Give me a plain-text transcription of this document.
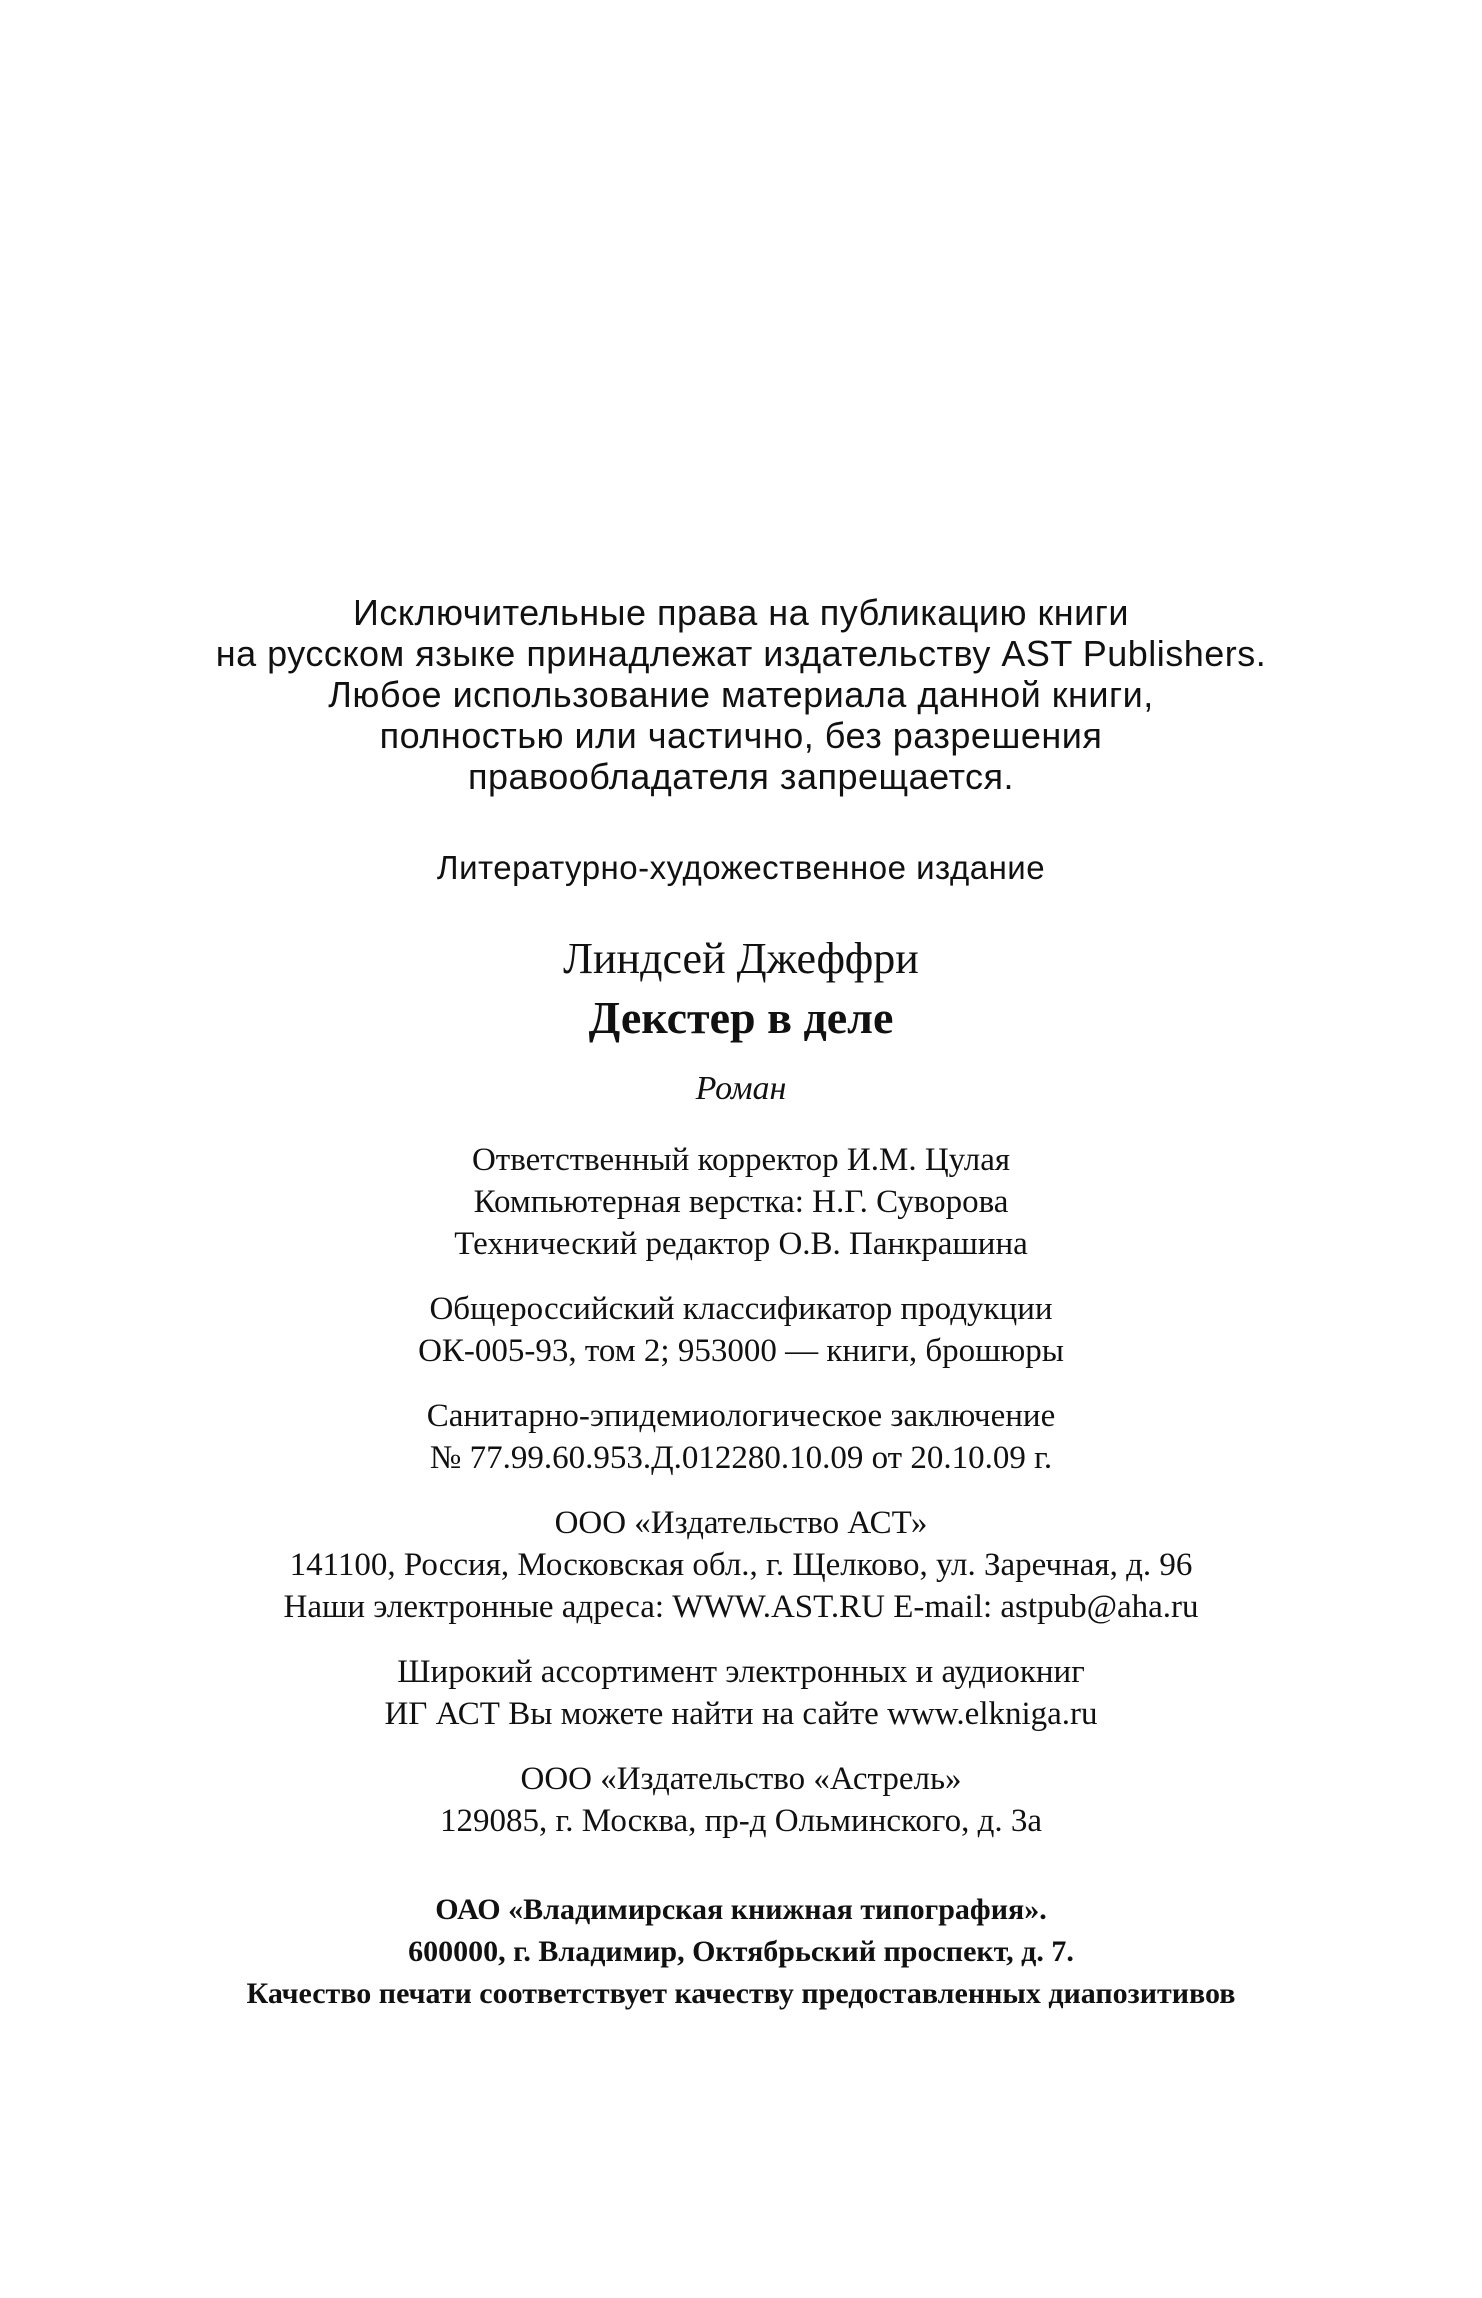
Исключительные права на публикацию книги
на русском языке принадлежат издательству AST Publishers.
Любое использование материала данной книги,
полностью или частично, без разрешения
правообладателя запрещается.
Литературно-художественное издание
Линдсей Джеффри
Декстер в деле
Роман
Ответственный корректор И.М. Цулая
Компьютерная верстка: Н.Г. Суворова
Технический редактор О.В. Панкрашина
Общероссийский классификатор продукции
ОК-005-93, том 2; 953000 — книги, брошюры
Санитарно-эпидемиологическое заключение
№ 77.99.60.953.Д.012280.10.09 от 20.10.09 г.
ООО «Издательство АСТ»
141100, Россия, Московская обл., г. Щелково, ул. Заречная, д. 96
Наши электронные адреса: WWW.AST.RU E-mail: astpub@aha.ru
Широкий ассортимент электронных и аудиокниг
ИГ АСТ Вы можете найти на сайте www.elkniga.ru
ООО «Издательство «Астрель»
129085, г. Москва, пр-д Ольминского, д. 3а
ОАО «Владимирская книжная типография».
600000, г. Владимир, Октябрьский проспект, д. 7.
Качество печати соответствует качеству предоставленных диапозитивов
